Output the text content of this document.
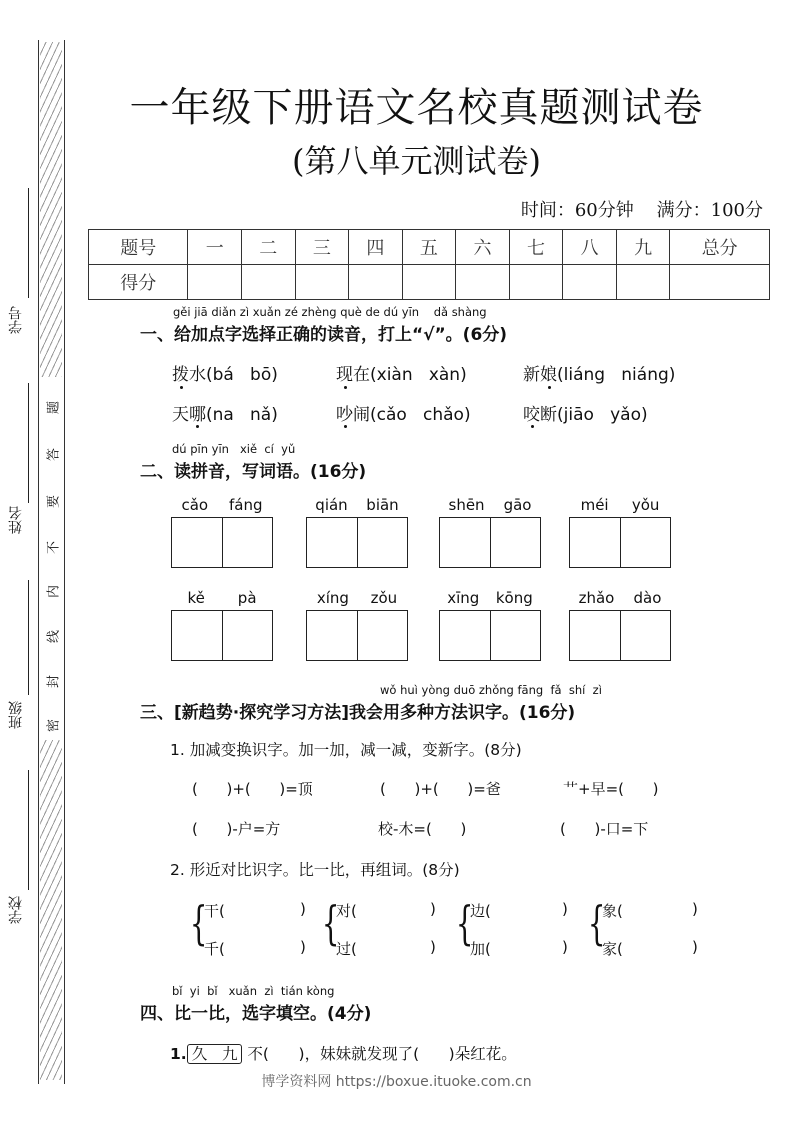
学号
姓名
班级
学校
题
答
要
不
内
线
封
密
一年级下册语文名校真题测试卷
(第八单元测试卷)
时间：60分钟 满分：100分
题号	一	二	三	四	五	六	七	八	九	总分
得分										
gěi jiā diǎn zì xuǎn zé zhèng què de dú yīn    dǎ shàng
一、给加点字选择正确的读音，打上“√”。(6分)
拨水(bá   bō)	现在(xiàn   xàn)	新娘(liáng   niáng)
天哪(na   nǎ)	吵闹(cǎo   chǎo)	咬断(jiāo   yǎo)
dú pīn yīn   xiě  cí  yǔ
二、读拼音，写词语。(16分)
cǎo fáng	qián biān	shēn gāo	méi yǒu
kě pà	xíng zǒu	xīng kōng	zhǎo dào
wǒ huì yòng duō zhǒng fāng  fǎ  shí  zì
三、[新趋势·探究学习方法]我会用多种方法识字。(16分)
1. 加减变换识字。加一加，减一减，变新字。(8分)
(      )+(      )=顶	(      )+(      )=爸	艹+早=(      )
(      )-户=方	校-木=(      )	(      )-口=下
2. 形近对比识字。比一比，再组词。(8分)
{
干(	)
千(	) {
对(	)
过(	) {
边(	)
加(	) {
象(	)
家(	)
bǐ  yi  bǐ   xuǎn  zì  tián kòng
四、比一比，选字填空。(4分)
1. 久   九 不(      )，妹妹就发现了(      )朵红花。
博学资料网 https://boxue.ituoke.com.cn
